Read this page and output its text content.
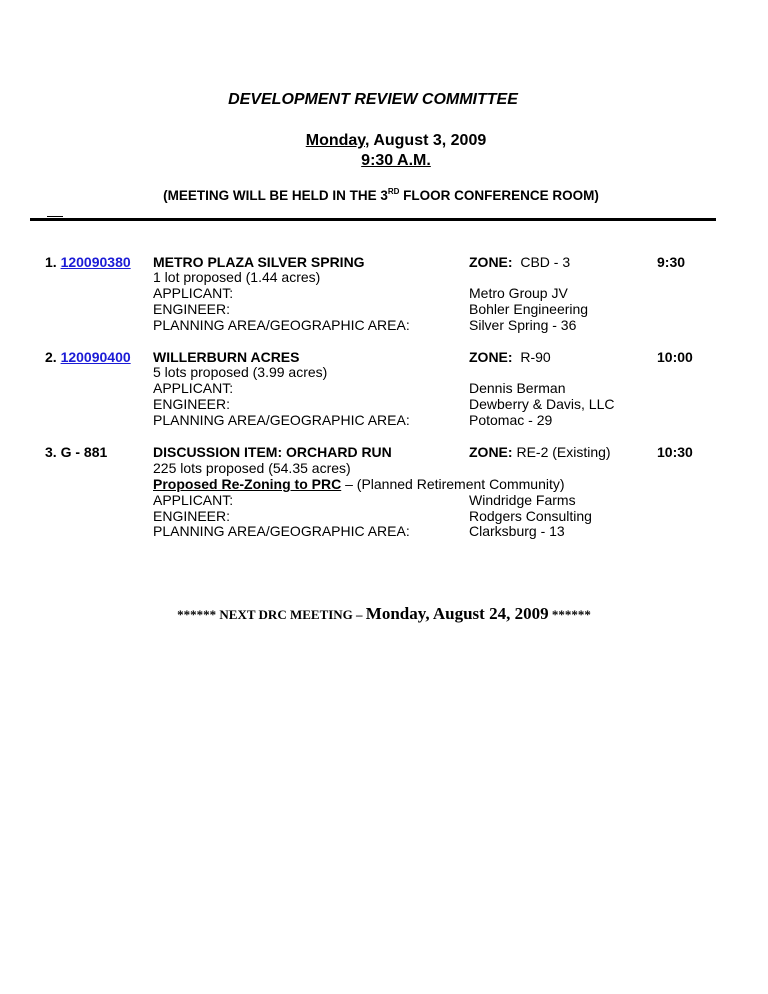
DEVELOPMENT REVIEW COMMITTEE
Monday, August 3, 2009
9:30 A.M.
(MEETING WILL BE HELD IN THE 3RD FLOOR CONFERENCE ROOM)
1. 120090380 METRO PLAZA SILVER SPRING	ZONE: CBD - 3	9:30
1 lot proposed (1.44 acres)
APPLICANT:	Metro Group JV
ENGINEER:	Bohler Engineering
PLANNING AREA/GEOGRAPHIC AREA:	Silver Spring - 36
2. 120090400 WILLERBURN ACRES	ZONE: R-90	10:00
5 lots proposed (3.99 acres)
APPLICANT:	Dennis Berman
ENGINEER:	Dewberry & Davis, LLC
PLANNING AREA/GEOGRAPHIC AREA:	Potomac - 29
3. G - 881	DISCUSSION ITEM: ORCHARD RUN	ZONE: RE-2 (Existing)	10:30
225 lots proposed (54.35 acres)
Proposed Re-Zoning to PRC – (Planned Retirement Community)
APPLICANT:	Windridge Farms
ENGINEER:	Rodgers Consulting
PLANNING AREA/GEOGRAPHIC AREA:	Clarksburg - 13
****** NEXT DRC MEETING – Monday, August 24, 2009 ******
